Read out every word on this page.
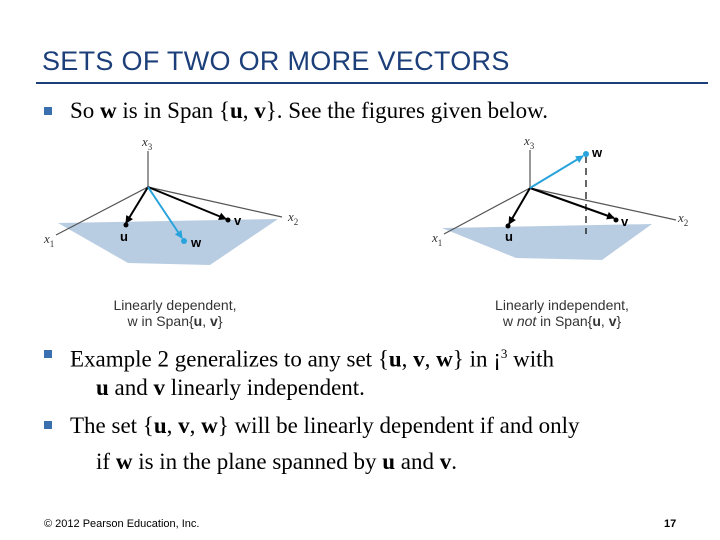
SETS OF TWO OR MORE VECTORS
So w is in Span {u, v}. See the figures given below.
$x_3$
$x_1$
$x_2$
u
v
w
Linearly dependent,
w in Span{u, v}
$x_3$
$x_1$
$x_2$
u
v
w
Linearly independent,
w not in Span{u, v}
Example 2 generalizes to any set {u, v, w} in ¡$^3$ with
u and v linearly independent.
The set {u, v, w} will be linearly dependent if and only
if w is in the plane spanned by u and v.
© 2012 Pearson Education, Inc.	17
